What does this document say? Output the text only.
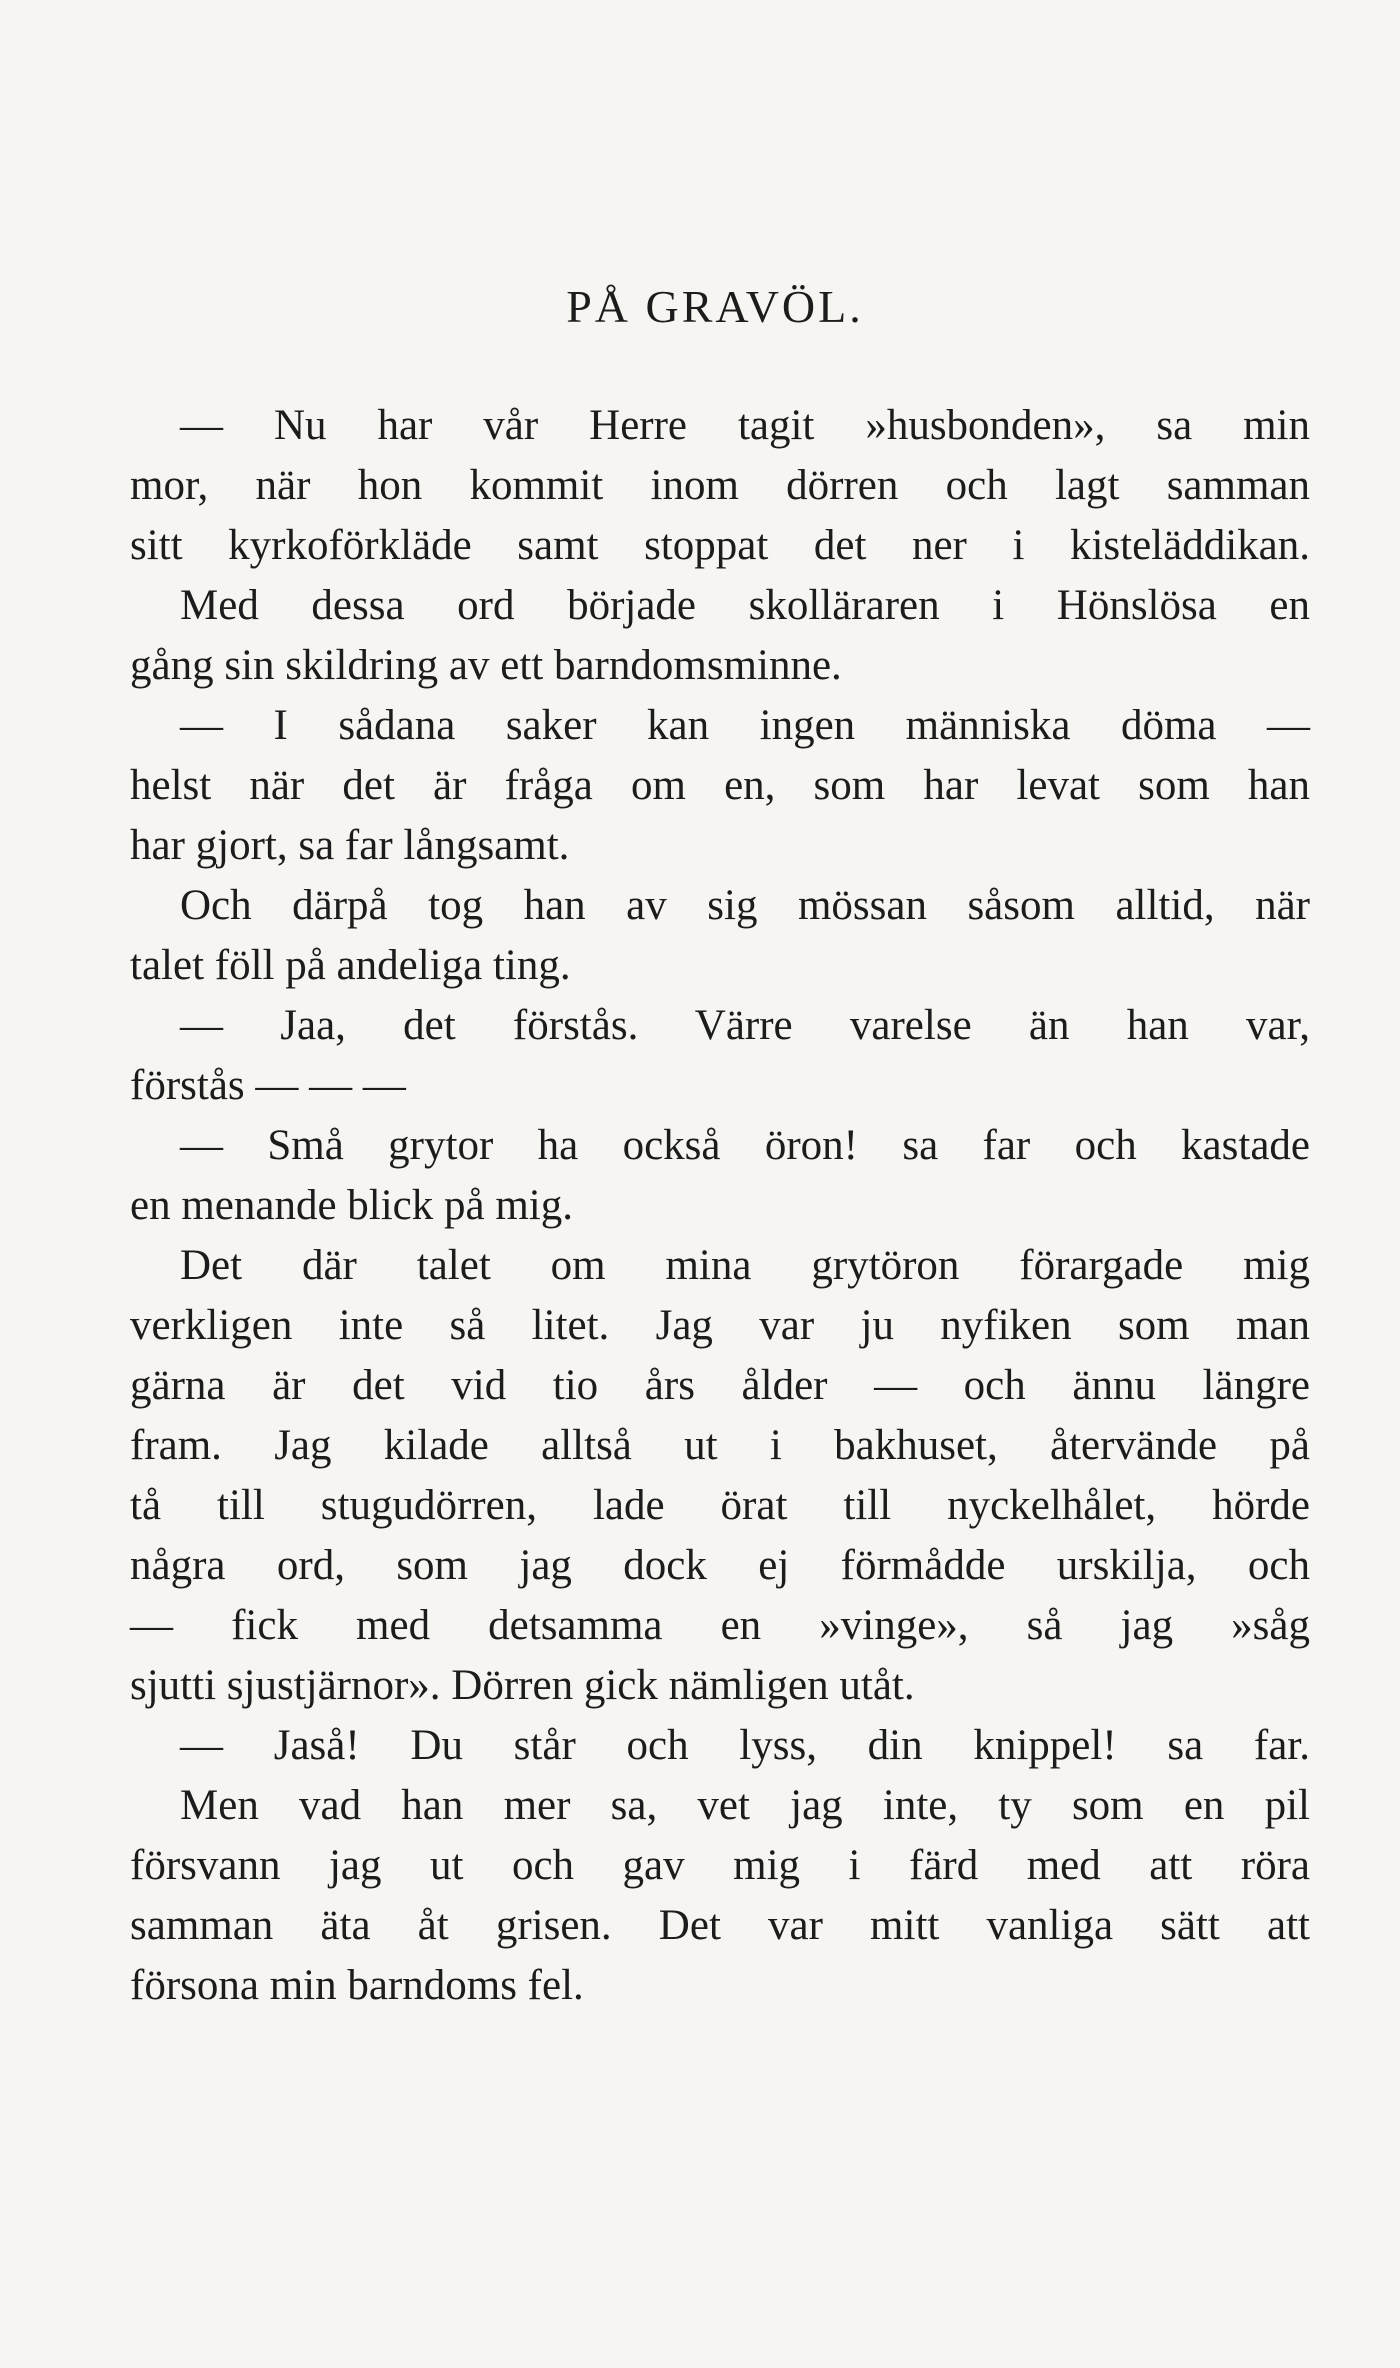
PÅ GRAVÖL.
— Nu har vår Herre tagit »husbonden», sa min
mor, när hon kommit inom dörren och lagt samman
sitt kyrkoförkläde samt stoppat det ner i kisteläddikan.
Med dessa ord började skolläraren i Hönslösa en
gång sin skildring av ett barndomsminne.
— I sådana saker kan ingen människa döma —
helst när det är fråga om en, som har levat som han
har gjort, sa far långsamt.
Och därpå tog han av sig mössan såsom alltid, när
talet föll på andeliga ting.
— Jaa, det förstås. Värre varelse än han var,
förstås — — —
— Små grytor ha också öron! sa far och kastade
en menande blick på mig.
Det där talet om mina grytöron förargade mig
verkligen inte så litet. Jag var ju nyfiken som man
gärna är det vid tio års ålder — och ännu längre
fram. Jag kilade alltså ut i bakhuset, återvände på
tå till stugudörren, lade örat till nyckelhålet, hörde
några ord, som jag dock ej förmådde urskilja, och
— fick med detsamma en »vinge», så jag »såg
sjutti sjustjärnor». Dörren gick nämligen utåt.
— Jaså! Du står och lyss, din knippel! sa far.
Men vad han mer sa, vet jag inte, ty som en pil
försvann jag ut och gav mig i färd med att röra
samman äta åt grisen. Det var mitt vanliga sätt att
försona min barndoms fel.
